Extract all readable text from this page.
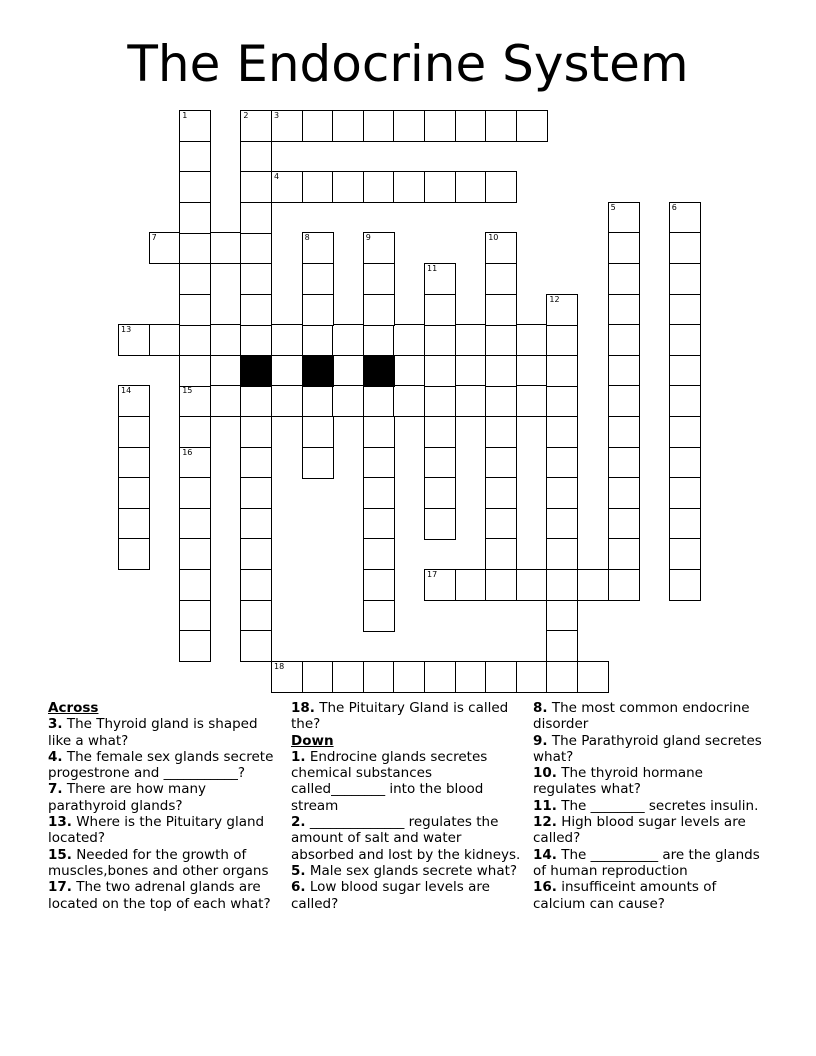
The Endocrine System
3
4
7
13
15
17
18
1	2
5	6
8	9	10
11
12
14
16

Across

3. The Thyroid gland is shaped like a what?

4. The female sex glands secrete progestrone and ___________?

7. There are how many parathyroid glands?

13. Where is the Pituitary gland located?

15. Needed for the growth of muscles,bones and other organs

17. The two adrenal glands are located on the top of each what?

18. The Pituitary Gland is called the?

Down

1. Endrocine glands secretes chemical substances called________ into the blood stream

2. ______________ regulates the amount of salt and water absorbed and lost by the kidneys.

5. Male sex glands secrete what?

6. Low blood sugar levels are called?

8. The most common endocrine disorder

9. The Parathyroid gland secretes what?

10. The thyroid hormane regulates what?

11. The ________ secretes insulin.

12. High blood sugar levels are called?

14. The __________ are the glands of human reproduction

16. insufficeint amounts of calcium can cause?
